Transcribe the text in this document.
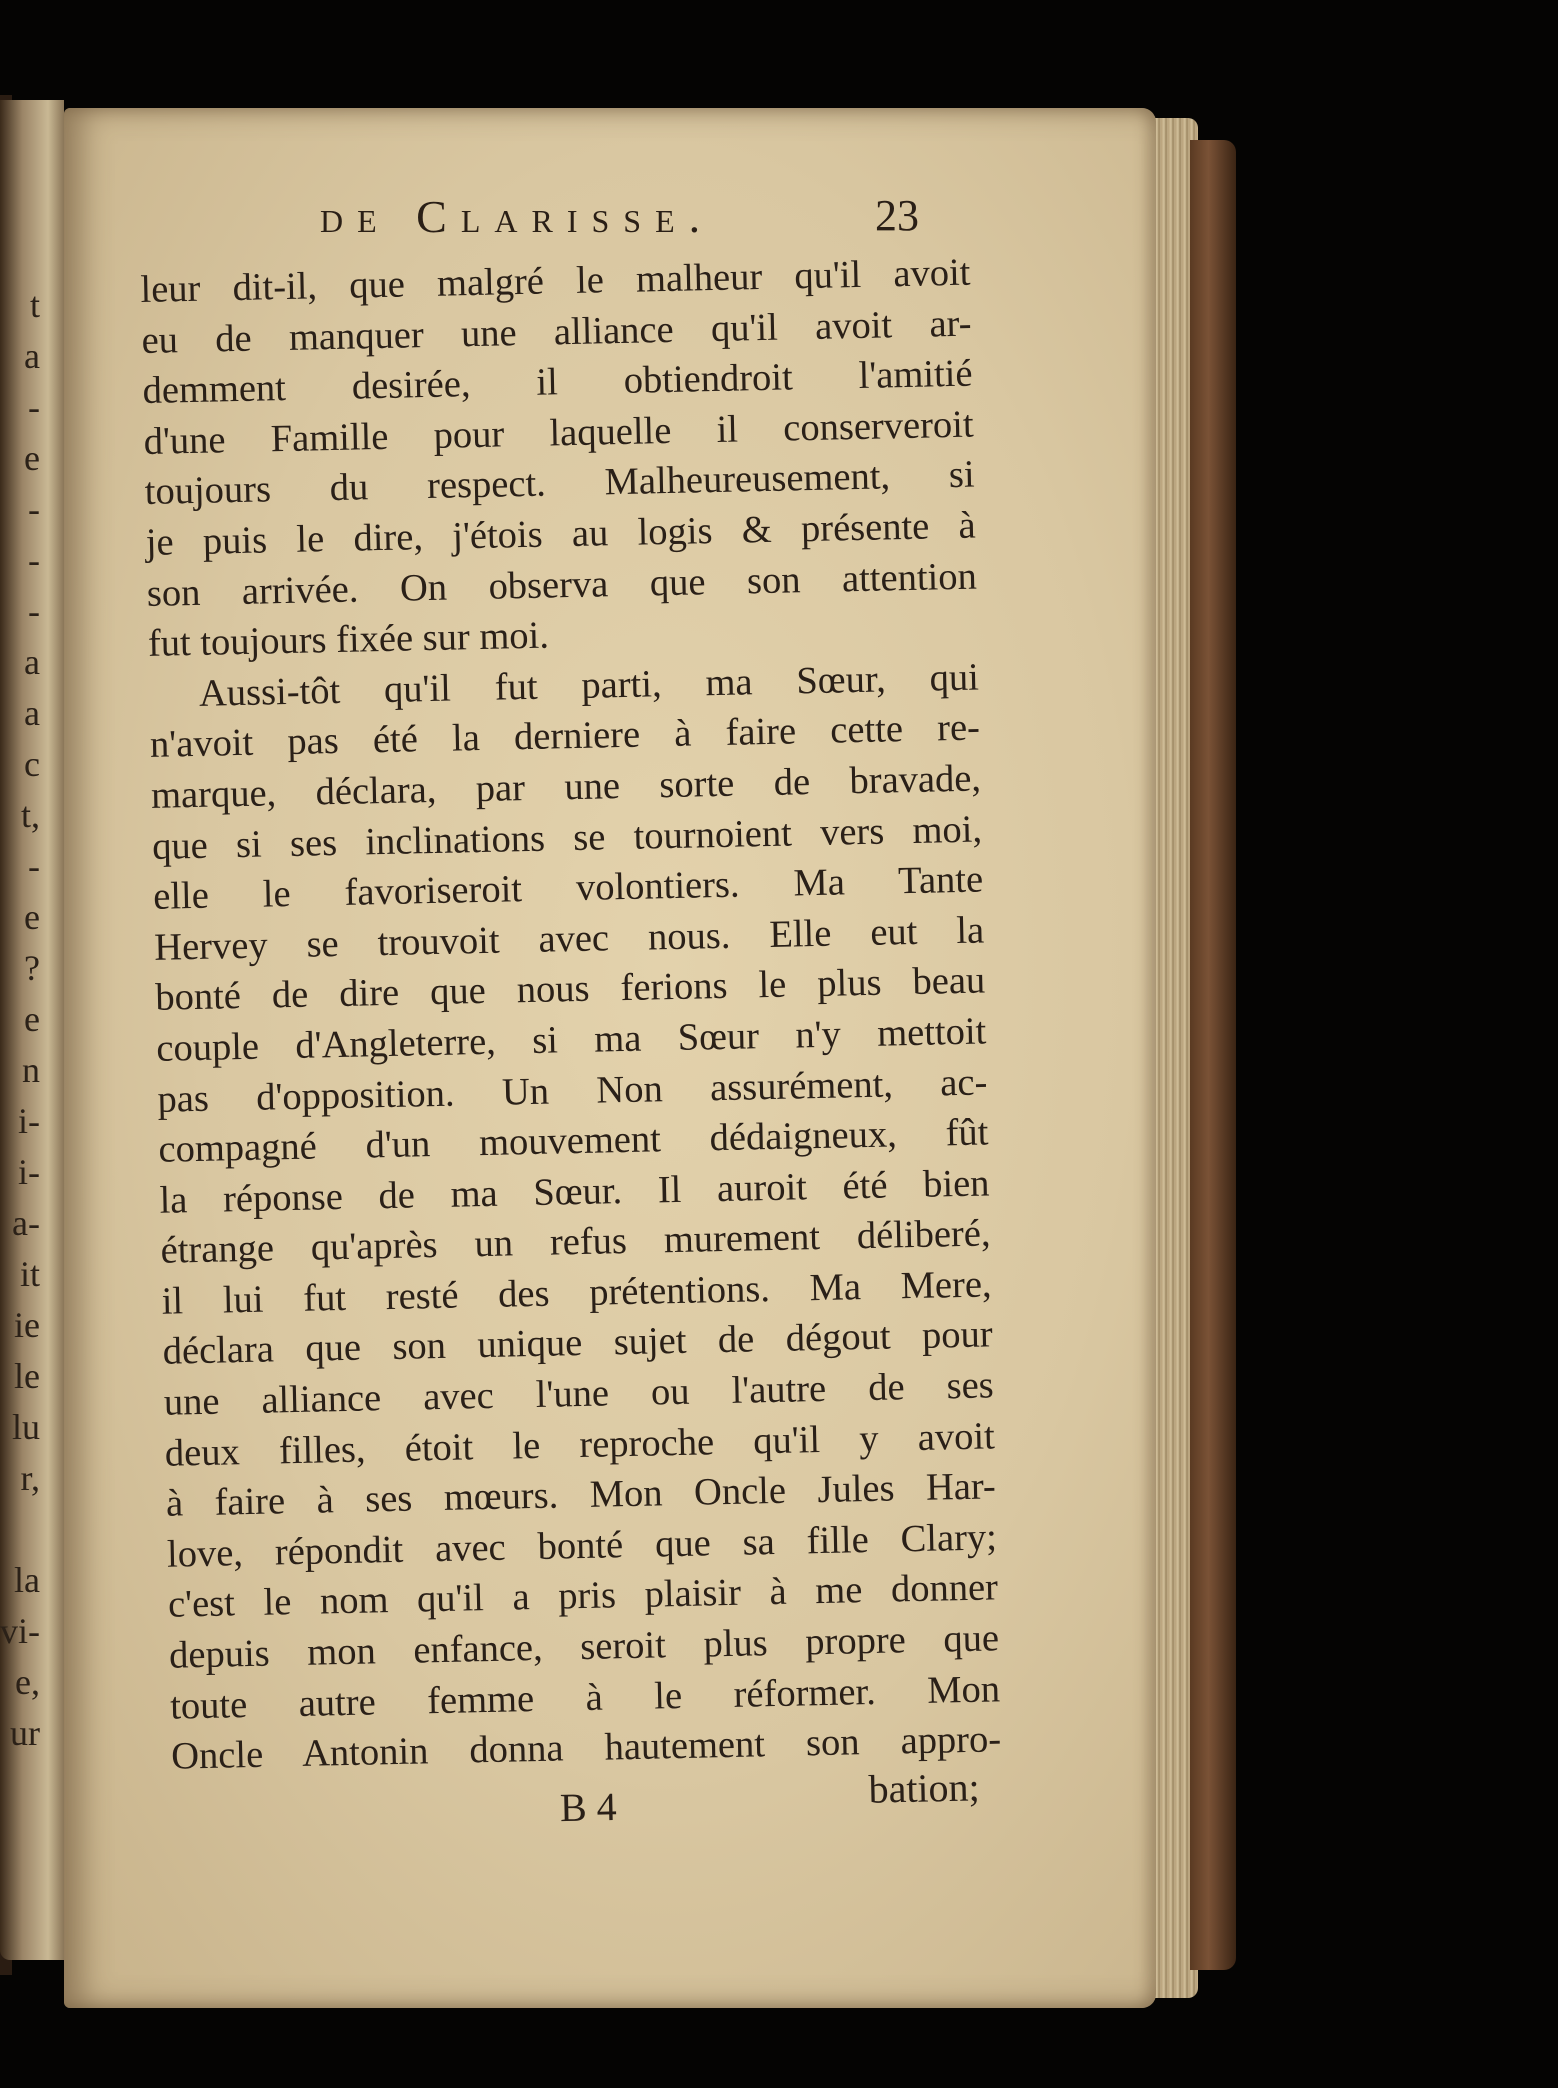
t
a
-
e
-
-
-
a
a
c
t,
-
e
?
e
n
i-
i-
a-
it
ie
le
lu
r,
la
vi-
e,
ur
de Clarisse.	23
leur dit-il, que malgré le malheur qu'il avoit
eu de manquer une alliance qu'il avoit ar-
demment desirée, il obtiendroit l'amitié
d'une Famille pour laquelle il conserveroit
toujours du respect. Malheureusement, si
je puis le dire, j'étois au logis & présente à
son arrivée. On observa que son attention
fut toujours fixée sur moi.
Aussi-tôt qu'il fut parti, ma Sœur, qui
n'avoit pas été la derniere à faire cette re-
marque, déclara, par une sorte de bravade,
que si ses inclinations se tournoient vers moi,
elle le favoriseroit volontiers. Ma Tante
Hervey se trouvoit avec nous. Elle eut la
bonté de dire que nous ferions le plus beau
couple d'Angleterre, si ma Sœur n'y mettoit
pas d'opposition. Un Non assurément, ac-
compagné d'un mouvement dédaigneux, fût
la réponse de ma Sœur. Il auroit été bien
étrange qu'après un refus murement déliberé,
il lui fut resté des prétentions. Ma Mere,
déclara que son unique sujet de dégout pour
une alliance avec l'une ou l'autre de ses
deux filles, étoit le reproche qu'il y avoit
à faire à ses mœurs. Mon Oncle Jules Har-
love, répondit avec bonté que sa fille Clary;
c'est le nom qu'il a pris plaisir à me donner
depuis mon enfance, seroit plus propre que
toute autre femme à le réformer. Mon
Oncle Antonin donna hautement son appro-
B 4	bation;
